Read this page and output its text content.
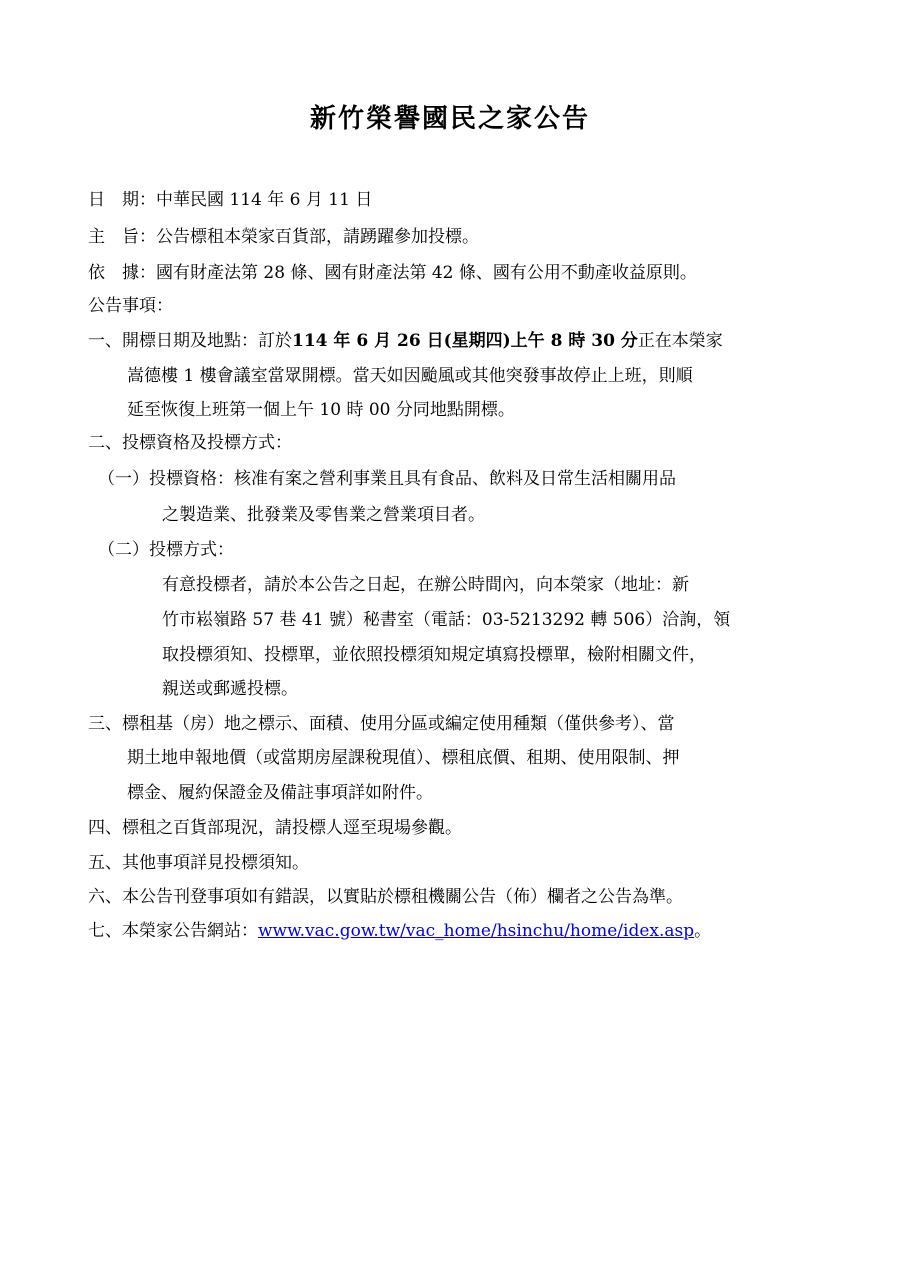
新竹榮譽國民之家公告
日　期：中華民國 114 年 6 月 11 日
主　旨：公告標租本榮家百貨部，請踴躍參加投標。
依　據：國有財產法第 28 條、國有財產法第 42 條、國有公用不動產收益原則。
公告事項：
一、開標日期及地點：訂於114 年 6 月 26 日(星期四)上午 8 時 30 分正在本榮家
嵩德樓 1 樓會議室當眾開標。當天如因颱風或其他突發事故停止上班，則順
延至恢復上班第一個上午 10 時 00 分同地點開標。
二、投標資格及投標方式：
（一）投標資格：核准有案之營利事業且具有食品、飲料及日常生活相關用品
之製造業、批發業及零售業之營業項目者。
（二）投標方式：
有意投標者，請於本公告之日起，在辦公時間內，向本榮家（地址：新
竹市崧嶺路 57 巷 41 號）秘書室（電話：03-5213292 轉 506）洽詢，領
取投標須知、投標單，並依照投標須知規定填寫投標單，檢附相關文件，
親送或郵遞投標。
三、標租基（房）地之標示、面積、使用分區或編定使用種類（僅供參考）、當
期土地申報地價（或當期房屋課稅現值）、標租底價、租期、使用限制、押
標金、履約保證金及備註事項詳如附件。
四、標租之百貨部現況，請投標人逕至現場參觀。
五、其他事項詳見投標須知。
六、本公告刊登事項如有錯誤，以實貼於標租機關公告（佈）欄者之公告為準。
七、本榮家公告網站：www.vac.gow.tw/vac_home/hsinchu/home/idex.asp。
